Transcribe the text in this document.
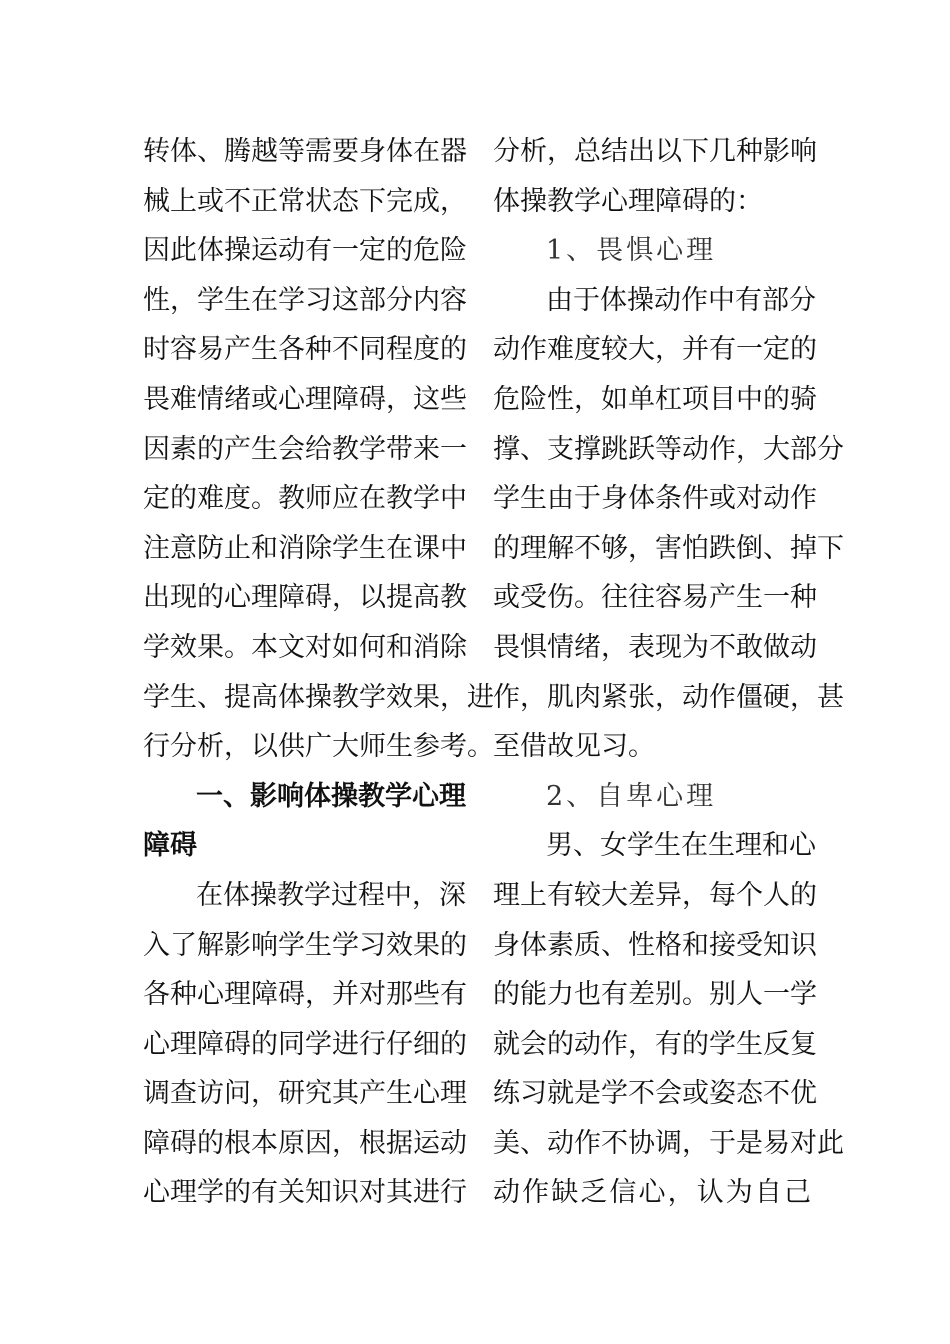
转体、腾越等需要身体在器
械上或不正常状态下完成，
因此体操运动有一定的危险
性，学生在学习这部分内容
时容易产生各种不同程度的
畏难情绪或心理障碍，这些
因素的产生会给教学带来一
定的难度。教师应在教学中
注意防止和消除学生在课中
出现的心理障碍，以提高教
学效果。本文对如何和消除
学生、提高体操教学效果，进
行分析，以供广大师生参考。
一、影响体操教学心理
障碍
在体操教学过程中，深
入了解影响学生学习效果的
各种心理障碍，并对那些有
心理障碍的同学进行仔细的
调查访问，研究其产生心理
障碍的根本原因，根据运动
心理学的有关知识对其进行
分析，总结出以下几种影响
体操教学心理障碍的：
1、畏惧心理
由于体操动作中有部分
动作难度较大，并有一定的
危险性，如单杠项目中的骑
撑、支撑跳跃等动作，大部分
学生由于身体条件或对动作
的理解不够，害怕跌倒、掉下
或受伤。往往容易产生一种
畏惧情绪，表现为不敢做动
作，肌肉紧张，动作僵硬，甚
至借故见习。
2、自卑心理
男、女学生在生理和心
理上有较大差异，每个人的
身体素质、性格和接受知识
的能力也有差别。别人一学
就会的动作，有的学生反复
练习就是学不会或姿态不优
美、动作不协调，于是易对此
动作缺乏信心，认为自己
